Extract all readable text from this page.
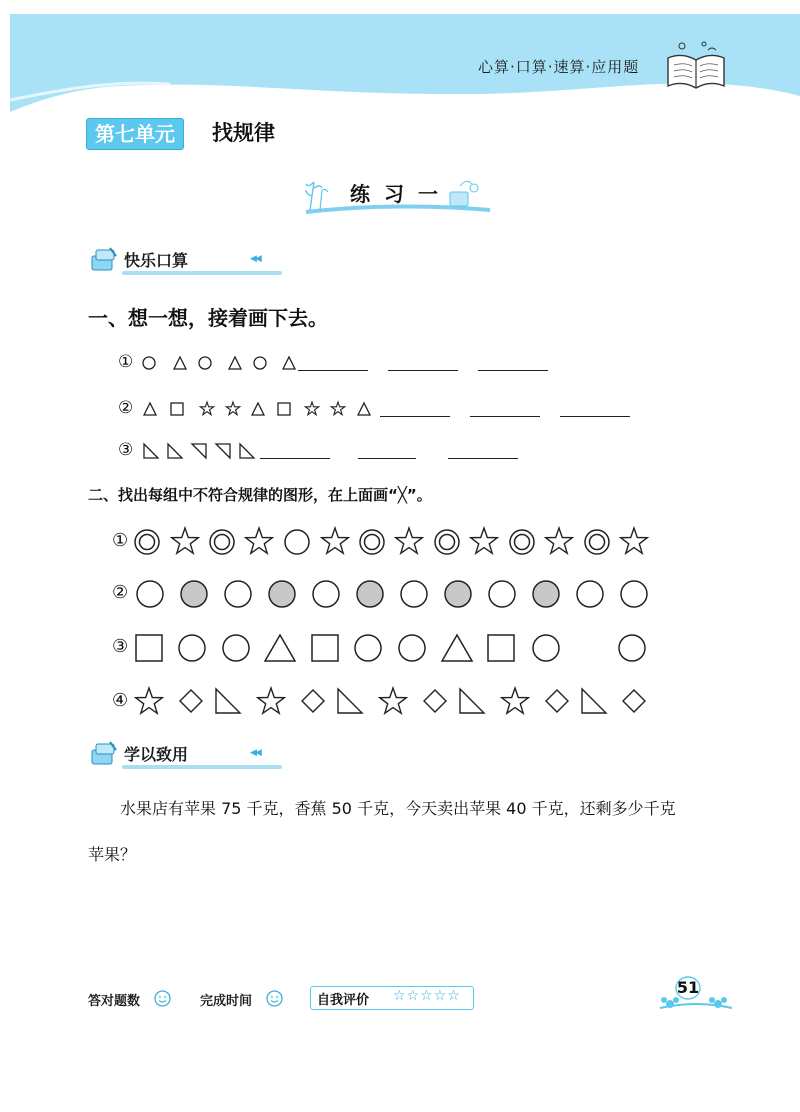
心算·口算·速算·应用题
第七单元	找规律
练习一
快乐口算	◀◀
一、想一想，接着画下去。
①
②
③
二、找出每组中不符合规律的图形，在上面画“╳”。
①
②
③
④
学以致用	◀◀
水果店有苹果 75 千克，香蕉 50 千克，今天卖出苹果 40 千克，还剩多少千克
苹果？
答对题数	完成时间	自我评价 ☆☆☆☆☆	51
